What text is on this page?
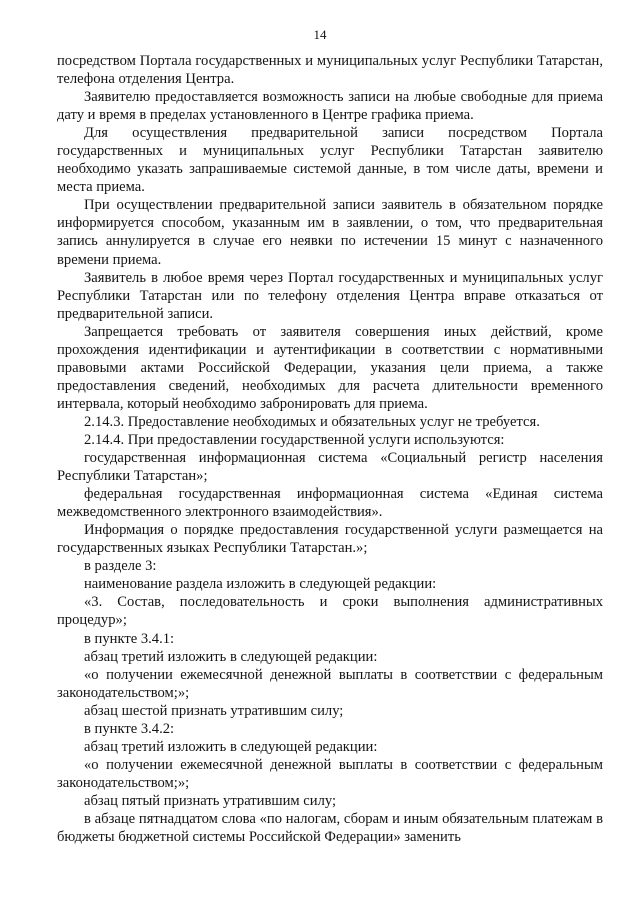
14

посредством Портала государственных и муниципальных услуг Республики Татарстан, телефона отделения Центра.

Заявителю предоставляется возможность записи на любые свободные для приема дату и время в пределах установленного в Центре графика приема.

Для осуществления предварительной записи посредством Портала государственных и муниципальных услуг Республики Татарстан заявителю необходимо указать запрашиваемые системой данные, в том числе даты, времени и места приема.

При осуществлении предварительной записи заявитель в обязательном порядке информируется способом, указанным им в заявлении, о том, что предварительная запись аннулируется в случае его неявки по истечении 15 минут с назначенного времени приема.

Заявитель в любое время через Портал государственных и муниципальных услуг Республики Татарстан или по телефону отделения Центра вправе отказаться от предварительной записи.

Запрещается требовать от заявителя совершения иных действий, кроме прохождения идентификации и аутентификации в соответствии с нормативными правовыми актами Российской Федерации, указания цели приема, а также предоставления сведений, необходимых для расчета длительности временного интервала, который необходимо забронировать для приема.

2.14.3. Предоставление необходимых и обязательных услуг не требуется.

2.14.4. При предоставлении государственной услуги используются:

государственная информационная система «Социальный регистр населения Республики Татарстан»;

федеральная государственная информационная система «Единая система межведомственного электронного взаимодействия».

Информация о порядке предоставления государственной услуги размещается на государственных языках Республики Татарстан.»;

в разделе 3:

наименование раздела изложить в следующей редакции:

«3. Состав, последовательность и сроки выполнения административных процедур»;

в пункте 3.4.1:

абзац третий изложить в следующей редакции:

«о получении ежемесячной денежной выплаты в соответствии с федеральным законодательством;»;

абзац шестой признать утратившим силу;

в пункте 3.4.2:

абзац третий изложить в следующей редакции:

«о получении ежемесячной денежной выплаты в соответствии с федеральным законодательством;»;

абзац пятый признать утратившим силу;

в абзаце пятнадцатом слова «по налогам, сборам и иным обязательным платежам в бюджеты бюджетной системы Российской Федерации» заменить
